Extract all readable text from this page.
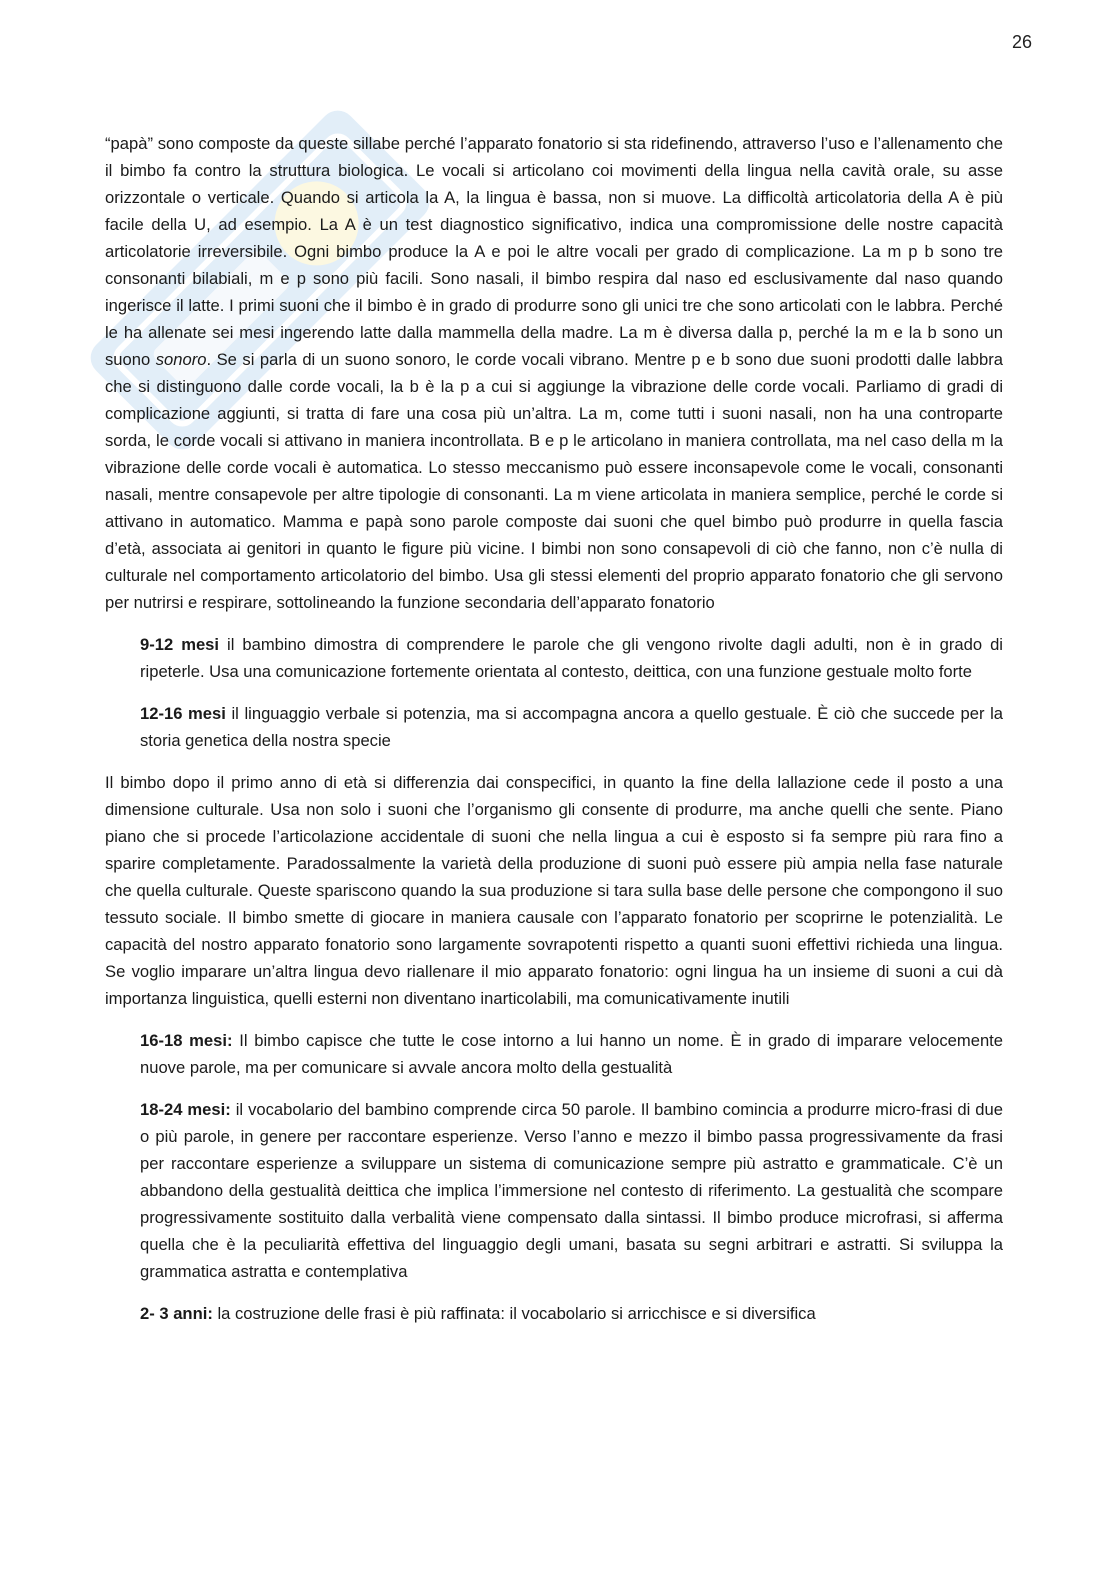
26

“papà” sono composte da queste sillabe perché l’apparato fonatorio si sta ridefinendo, attraverso l’uso e l’allenamento che il bimbo fa contro la struttura biologica. Le vocali si articolano coi movimenti della lingua nella cavità orale, su asse orizzontale o verticale. Quando si articola la A, la lingua è bassa, non si muove. La difficoltà articolatoria della A è più facile della U, ad esempio. La A è un test diagnostico significativo, indica una compromissione delle nostre capacità articolatorie irreversibile. Ogni bimbo produce la A e poi le altre vocali per grado di complicazione. La m p b sono tre consonanti bilabiali, m e p sono più facili. Sono nasali, il bimbo respira dal naso ed esclusivamente dal naso quando ingerisce il latte. I primi suoni che il bimbo è in grado di produrre sono gli unici tre che sono articolati con le labbra. Perché le ha allenate sei mesi ingerendo latte dalla mammella della madre. La m è diversa dalla p, perché la m e la b sono un suono sonoro. Se si parla di un suono sonoro, le corde vocali vibrano. Mentre p e b sono due suoni prodotti dalle labbra che si distinguono dalle corde vocali, la b è la p a cui si aggiunge la vibrazione delle corde vocali. Parliamo di gradi di complicazione aggiunti, si tratta di fare una cosa più un’altra. La m, come tutti i suoni nasali, non ha una controparte sorda, le corde vocali si attivano in maniera incontrollata. B e p le articolano in maniera controllata, ma nel caso della m la vibrazione delle corde vocali è automatica. Lo stesso meccanismo può essere inconsapevole come le vocali, consonanti nasali, mentre consapevole per altre tipologie di consonanti. La m viene articolata in maniera semplice, perché le corde si attivano in automatico. Mamma e papà sono parole composte dai suoni che quel bimbo può produrre in quella fascia d’età, associata ai genitori in quanto le figure più vicine. I bimbi non sono consapevoli di ciò che fanno, non c’è nulla di culturale nel comportamento articolatorio del bimbo. Usa gli stessi elementi del proprio apparato fonatorio che gli servono per nutrirsi e respirare, sottolineando la funzione secondaria dell’apparato fonatorio

9-12 mesi il bambino dimostra di comprendere le parole che gli vengono rivolte dagli adulti, non è in grado di ripeterle. Usa una comunicazione fortemente orientata al contesto, deittica, con una funzione gestuale molto forte

12-16 mesi il linguaggio verbale si potenzia, ma si accompagna ancora a quello gestuale. È ciò che succede per la storia genetica della nostra specie

Il bimbo dopo il primo anno di età si differenzia dai conspecifici, in quanto la fine della lallazione cede il posto a una dimensione culturale. Usa non solo i suoni che l’organismo gli consente di produrre, ma anche quelli che sente. Piano piano che si procede l’articolazione accidentale di suoni che nella lingua a cui è esposto si fa sempre più rara fino a sparire completamente. Paradossalmente la varietà della produzione di suoni può essere più ampia nella fase naturale che quella culturale. Queste spariscono quando la sua produzione si tara sulla base delle persone che compongono il suo tessuto sociale. Il bimbo smette di giocare in maniera causale con l’apparato fonatorio per scoprirne le potenzialità. Le capacità del nostro apparato fonatorio sono largamente sovrapotenti rispetto a quanti suoni effettivi richieda una lingua. Se voglio imparare un’altra lingua devo riallenare il mio apparato fonatorio: ogni lingua ha un insieme di suoni a cui dà importanza linguistica, quelli esterni non diventano inarticolabili, ma comunicativamente inutili

16-18 mesi: Il bimbo capisce che tutte le cose intorno a lui hanno un nome. È in grado di imparare velocemente nuove parole, ma per comunicare si avvale ancora molto della gestualità

18-24 mesi: il vocabolario del bambino comprende circa 50 parole. Il bambino comincia a produrre micro-frasi di due o più parole, in genere per raccontare esperienze. Verso l’anno e mezzo il bimbo passa progressivamente da frasi per raccontare esperienze a sviluppare un sistema di comunicazione sempre più astratto e grammaticale. C’è un abbandono della gestualità deittica che implica l’immersione nel contesto di riferimento. La gestualità che scompare progressivamente sostituito dalla verbalità viene compensato dalla sintassi. Il bimbo produce microfrasi, si afferma quella che è la peculiarità effettiva del linguaggio degli umani, basata su segni arbitrari e astratti. Si sviluppa la grammatica astratta e contemplativa

2- 3 anni: la costruzione delle frasi è più raffinata: il vocabolario si arricchisce e si diversifica
